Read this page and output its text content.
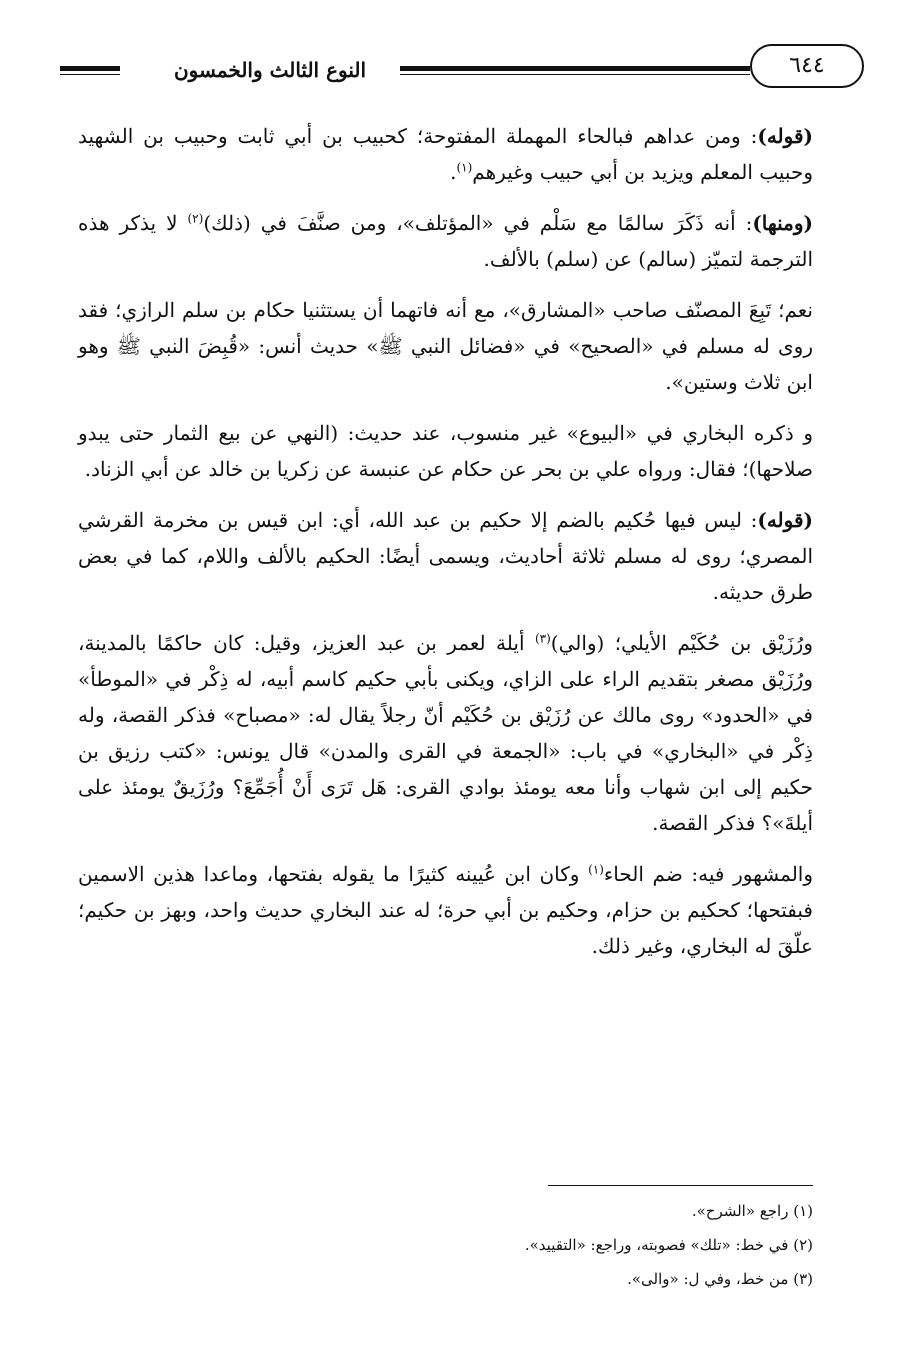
النوع الثالث والخمسون	٦٤٤

(قوله): ومن عداهم فبالحاء المهملة المفتوحة؛ كحبيب بن أبي ثابت وحبيب بن الشهيد وحبيب المعلم ويزيد بن أبي حبيب وغيرهم$^{(١)}$.

(ومنها): أنه ذَكَرَ سالمًا مع سَلْم في «المؤتلف»، ومن صنَّفَ في (ذلك)$^{(٢)}$ لا يذكر هذه الترجمة لتميّز (سالم) عن (سلم) بالألف.

نعم؛ تَبِعَ المصنّف صاحب «المشارق»، مع أنه فاتهما أن يستثنيا حكام بن سلم الرازي؛ فقد روى له مسلم في «الصحيح» في «فضائل النبي ﷺ» حديث أنس: «قُبِضَ النبي ﷺ وهو ابن ثلاث وستين».

و ذكره البخاري في «البيوع» غير منسوب، عند حديث: (النهي عن بيع الثمار حتى يبدو صلاحها)؛ فقال: ورواه علي بن بحر عن حكام عن عنبسة عن زكريا بن خالد عن أبي الزناد.

(قوله): ليس فيها حُكيم بالضم إلا حكيم بن عبد الله، أي: ابن قيس بن مخرمة القرشي المصري؛ روى له مسلم ثلاثة أحاديث، ويسمى أيضًا: الحكيم بالألف واللام، كما في بعض طرق حديثه.

ورُزَيْق بن حُكَيْم الأيلي؛ (والي)$^{(٣)}$ أيلة لعمر بن عبد العزيز، وقيل: كان حاكمًا بالمدينة، ورُزَيْق مصغر بتقديم الراء على الزاي، ويكنى بأبي حكيم كاسم أبيه، له ذِكْر في «الموطأ» في «الحدود» روى مالك عن رُزَيْق بن حُكَيْم أنّ رجلاً يقال له: «مصباح» فذكر القصة، وله ذِكْر في «البخاري» في باب: «الجمعة في القرى والمدن» قال يونس: «كتب رزيق بن حكيم إلى ابن شهاب وأنا معه يومئذ بوادي القرى: هَل تَرَى أَنْ أُجَمِّعَ؟ ورُزَيقٌ يومئذ على أيلةَ»؟ فذكر القصة.

والمشهور فيه: ضم الحاء$^{(١)}$ وكان ابن عُيينه كثيرًا ما يقوله بفتحها، وماعدا هذين الاسمين فبفتحها؛ كحكيم بن حزام، وحكيم بن أبي حرة؛ له عند البخاري حديث واحد، وبهز بن حكيم؛ علّقَ له البخاري، وغير ذلك.

(١) راجع «الشرح».
(٢) في خط: «تلك» فصوبته، وراجع: «التقييد».
(٣) من خط، وفي ل: «والى».
